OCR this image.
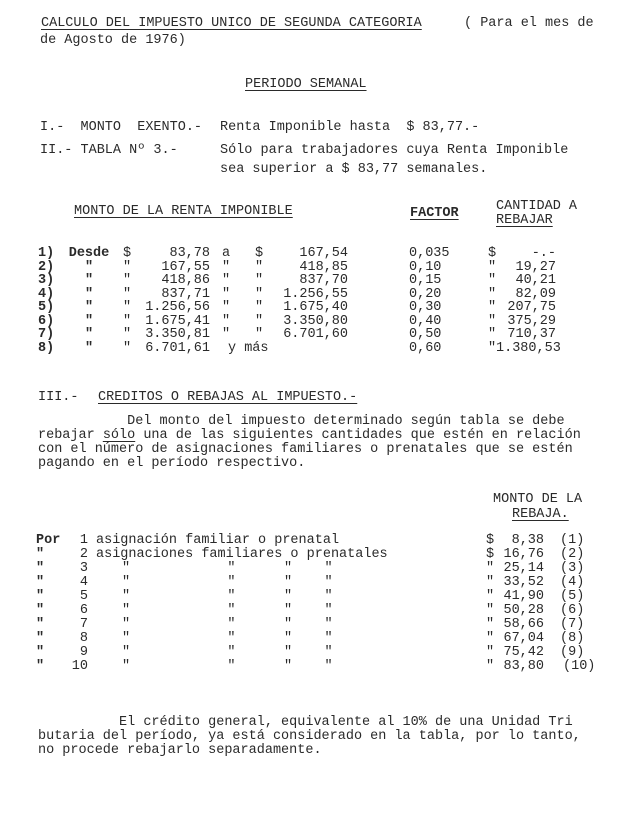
CALCULO DEL IMPUESTO UNICO DE SEGUNDA CATEGORIA	( Para el mes de
de Agosto de 1976)
PERIODO SEMANAL
I.-  MONTO  EXENTO.- Renta Imponible hasta  $ 83,77.-
II.- TABLA Nº 3.-	Sólo para trabajadores cuya Renta Imponible
sea superior a $ 83,77 semanales.
MONTO DE LA RENTA IMPONIBLE	FACTOR	CANTIDAD A
REBAJAR
1)	Desde	$	83,78 a	$	167,54	0,035	$	-.-
2)	"	"	167,55 "	"	418,85	0,10	"	19,27
3)	"	"	418,86 "	"	837,70	0,15	"	40,21
4)	"	"	837,71 "	"	1.256,55	0,20	"	82,09
5)	"	"	1.256,56 "	"	1.675,40	0,30	" 207,75
6)	"	"	1.675,41 "	"	3.350,80	0,40	" 375,29
7)	"	"	3.350,81 "	"	6.701,60	0,50	" 710,37
8)	"	"	6.701,61 y más	0,60	" 1.380,53
III.- CREDITOS O REBAJAS AL IMPUESTO.-
Del monto del impuesto determinado según tabla se debe
rebajar sólo una de las siguientes cantidades que estén en relación
con el número de asignaciones familiares o prenatales que se estén
pagando en el período respectivo.
MONTO DE LA
REBAJA.
Por	1 asignación familiar o prenatal	$	8,38 (1)
"	2 asignaciones familiares o prenatales	$ 16,76 (2)
"	3	"            "      "    "	" 25,14 (3)
"	4	"            "      "    "	" 33,52 (4)
"	5	"            "      "    "	" 41,90 (5)
"	6	"            "      "    "	" 50,28 (6)
"	7	"            "      "    "	" 58,66 (7)
"	8	"            "      "    "	" 67,04 (8)
"	9	"            "      "    "	" 75,42 (9)
"	10	"            "      "    "	" 83,80 (10)
El crédito general, equivalente al 10% de una Unidad Tri
butaria del período, ya está considerado en la tabla, por lo tanto,
no procede rebajarlo separadamente.
